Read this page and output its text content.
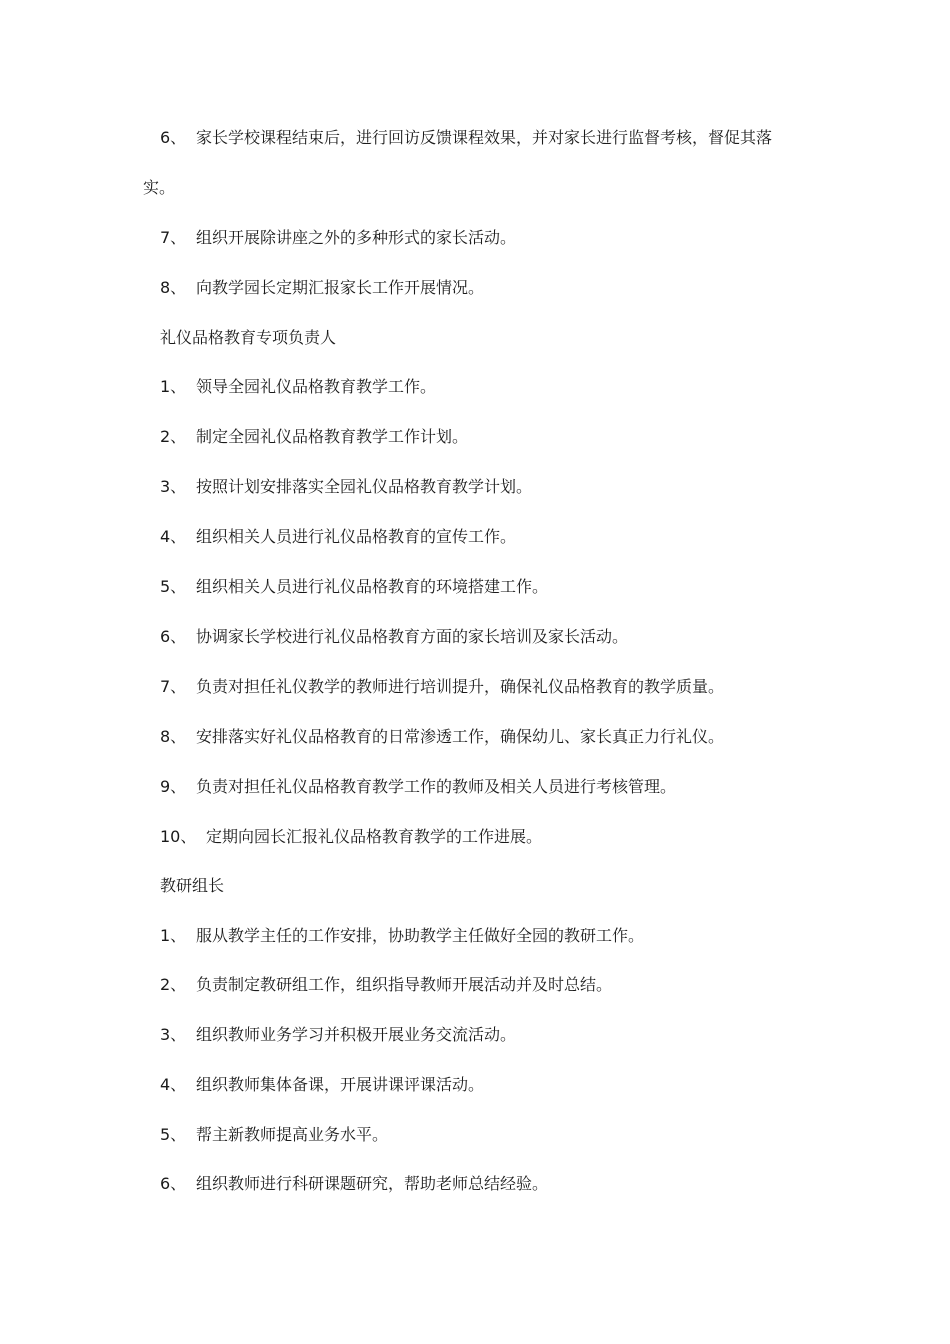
6、 家长学校课程结束后，进行回访反馈课程效果，并对家长进行监督考核，督促其落
实。
7、 组织开展除讲座之外的多种形式的家长活动。
8、 向教学园长定期汇报家长工作开展情况。
礼仪品格教育专项负责人
1、 领导全园礼仪品格教育教学工作。
2、 制定全园礼仪品格教育教学工作计划。
3、 按照计划安排落实全园礼仪品格教育教学计划。
4、 组织相关人员进行礼仪品格教育的宣传工作。
5、 组织相关人员进行礼仪品格教育的环境搭建工作。
6、 协调家长学校进行礼仪品格教育方面的家长培训及家长活动。
7、 负责对担任礼仪教学的教师进行培训提升，确保礼仪品格教育的教学质量。
8、 安排落实好礼仪品格教育的日常渗透工作，确保幼儿、家长真正力行礼仪。
9、 负责对担任礼仪品格教育教学工作的教师及相关人员进行考核管理。
10、 定期向园长汇报礼仪品格教育教学的工作进展。
教研组长
1、 服从教学主任的工作安排，协助教学主任做好全园的教研工作。
2、 负责制定教研组工作，组织指导教师开展活动并及时总结。
3、 组织教师业务学习并积极开展业务交流活动。
4、 组织教师集体备课，开展讲课评课活动。
5、 帮主新教师提高业务水平。
6、 组织教师进行科研课题研究，帮助老师总结经验。
